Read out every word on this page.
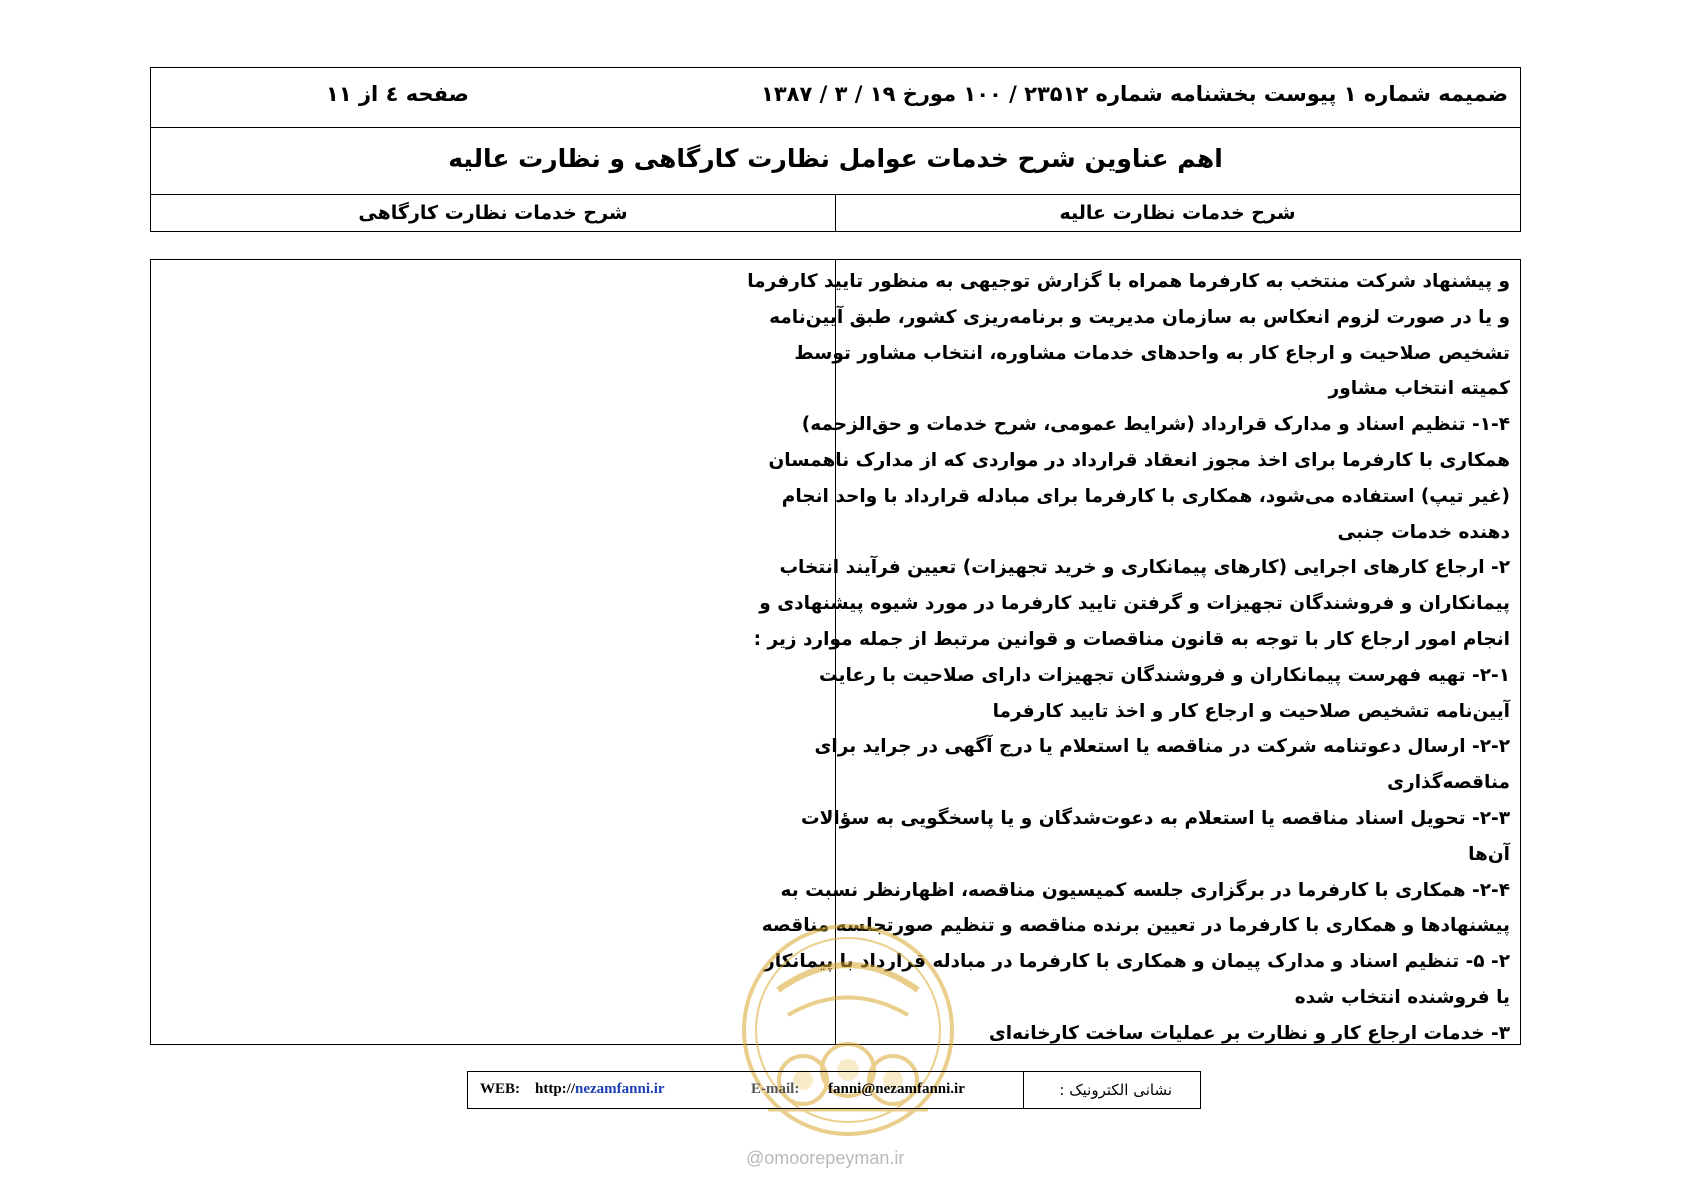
ضمیمه شماره ۱ پیوست بخشنامه شماره ۲۳۵۱۲ / ۱۰۰ مورخ ۱۹ / ۳ / ۱۳۸۷
صفحه ٤ از ۱۱
اهم عناوین شرح خدمات عوامل نظارت کارگاهی و نظارت عالیه
شرح خدمات نظارت عالیه
شرح خدمات نظارت کارگاهی
و پیشنهاد شرکت منتخب به کارفرما همراه با گزارش توجیهی به منظور تایید کارفرما
و یا در صورت لزوم انعکاس به سازمان مدیریت و برنامه‌ریزی کشور، طبق آیین‌نامه
تشخیص صلاحیت و ارجاع کار به واحدهای خدمات مشاوره، انتخاب مشاور توسط
کمیته انتخاب مشاور
۱-۴- تنظیم اسناد و مدارک قرارداد (شرایط عمومی، شرح خدمات و حق‌الزحمه)
همکاری با کارفرما برای اخذ مجوز انعقاد قرارداد در مواردی که از مدارک ناهمسان
(غیر تیپ) استفاده می‌شود، همکاری با کارفرما برای مبادله قرارداد با واحد انجام
دهنده خدمات جنبی
۲- ارجاع کارهای اجرایی (کارهای پیمانکاری و خرید تجهیزات) تعیین فرآیند انتخاب
پیمانکاران و فروشندگان تجهیزات و گرفتن تایید کارفرما در مورد شیوه پیشنهادی و
انجام امور ارجاع کار با توجه به قانون مناقصات و قوانین مرتبط از جمله موارد زیر :
۲-۱- تهیه فهرست پیمانکاران و فروشندگان تجهیزات دارای صلاحیت با رعایت
آیین‌نامه تشخیص صلاحیت و ارجاع کار و اخذ تایید کارفرما
۲-۲- ارسال دعوتنامه شرکت در مناقصه یا استعلام یا درج آگهی در جراید برای
مناقصه‌گذاری
۲-۳- تحویل اسناد مناقصه یا استعلام به دعوت‌شدگان و یا پاسخگویی به سؤالات
آن‌ها
۲-۴- همکاری با کارفرما در برگزاری جلسه کمیسیون مناقصه، اظهارنظر نسبت به
پیشنهادها و همکاری با کارفرما در تعیین برنده مناقصه و تنظیم صورتجلسه مناقصه
۲- ۵- تنظیم اسناد و مدارک پیمان و همکاری با کارفرما در مبادله قرارداد با پیمانکار
یا فروشنده انتخاب شده
۳- خدمات ارجاع کار و نظارت بر عملیات ساخت کارخانه‌ای
@omoorepeyman.ir
WEB: http://nezamfanni.ir	E-mail: fanni@nezamfanni.ir	نشانی الکترونیک :
